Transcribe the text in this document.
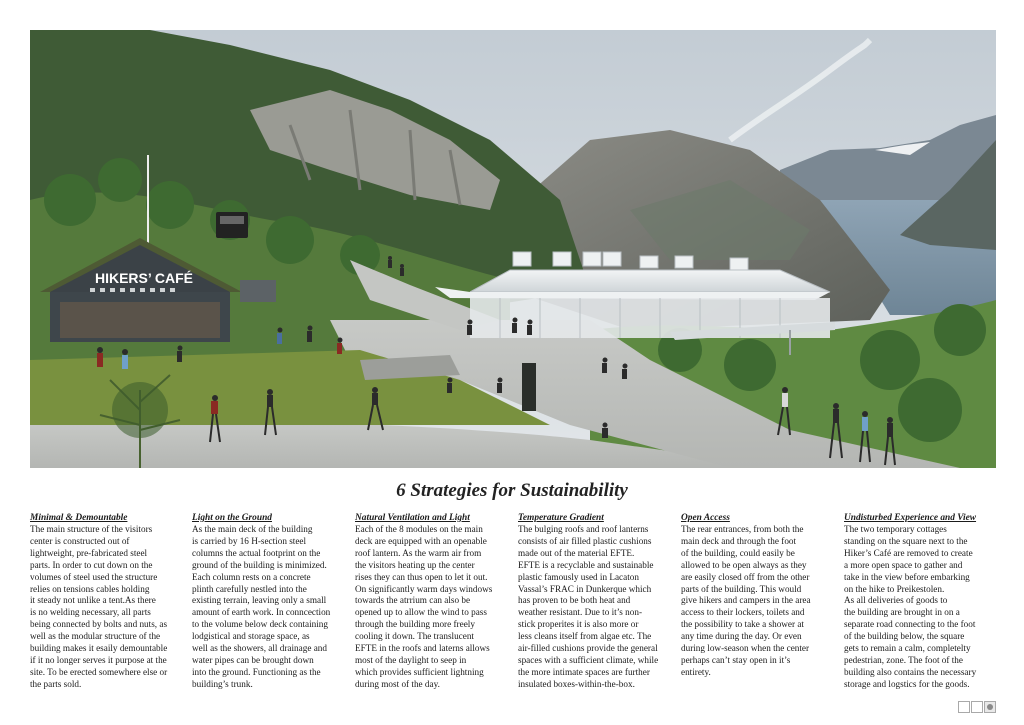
HIKERS’ CAFÉ
6 Strategies for Sustainability
Minimal & Demountable

The main structure of the visitors
center is constructed out of
lightweight, pre-fabricated steel
parts. In order to cut down on the
volumes of steel used the structure
relies on tensions cables holding
it steady not unlike a tent.As there
is no welding necessary, all parts
being connected by bolts and nuts, as
well as the modular structure of the
building makes it esaily demountable
if it no longer serves it purpose at the
site. To be erected somewhere else or
the parts sold.

Light on the Ground

As the main deck of the building
is carried by 16 H-section steel
columns the actual footprint on the
ground of the building is minimized.
Each column rests on a concrete
plinth carefully nestled into the
existing terrain, leaving only a small
amount of earth work. In conncection
to the volume below deck containing
lodgistical and storage space, as
well as the showers, all drainage and
water pipes can be brought down
into the ground. Functioning as the
building’s trunk.

Natural Ventilation and Light

Each of the 8 modules on the main
deck are equipped with an openable
roof lantern. As the warm air from
the visitors heating up the center
rises they can thus open to let it out.
On significantly warm days windows
towards the atrrium can also be
opened up to allow the wind to pass
through the building more freely
cooling it down. The translucent
EFTE in the roofs and laterns allows
most of the daylight to seep in
which provides sufficient lightning
during most of the day.

Temperature Gradient

The bulging roofs and roof lanterns
consists of air filled plastic cushions
made out of the material EFTE.
EFTE is a recyclable and sustainable
plastic famously used in Lacaton
Vassal’s FRAC in Dunkerque which
has proven to be both heat and
weather resistant. Due to it’s non-
stick properites it is also more or
less cleans itself from algae etc. The
air-filled cushions provide the general
spaces with a sufficient climate, while
the more intimate spaces are further
insulated boxes-within-the-box.

Open Access

The rear entrances, from both the
main deck and through the foot
of the building, could easily be
allowed to be open always as they
are easily closed off from the other
parts of the building. This would
give hikers and campers in the area
access to their lockers, toilets and
the possibility to take a shower at
any time during the day. Or even
during low-season when the center
perhaps can’t stay open in it’s
entirety.

Undisturbed Experience and View

The two temporary cottages
standing on the square next to the
Hiker’s Café are removed to create
a more open space to gather and
take in the view before embarking
on the hike to Preikestolen.
As all deliveries of goods to
the building are brought in on a
separate road connecting to the foot
of the building below, the square
gets to remain a calm, completelty
pedestrian, zone. The foot of the
building also contains the necessary
storage and logstics for the goods.
